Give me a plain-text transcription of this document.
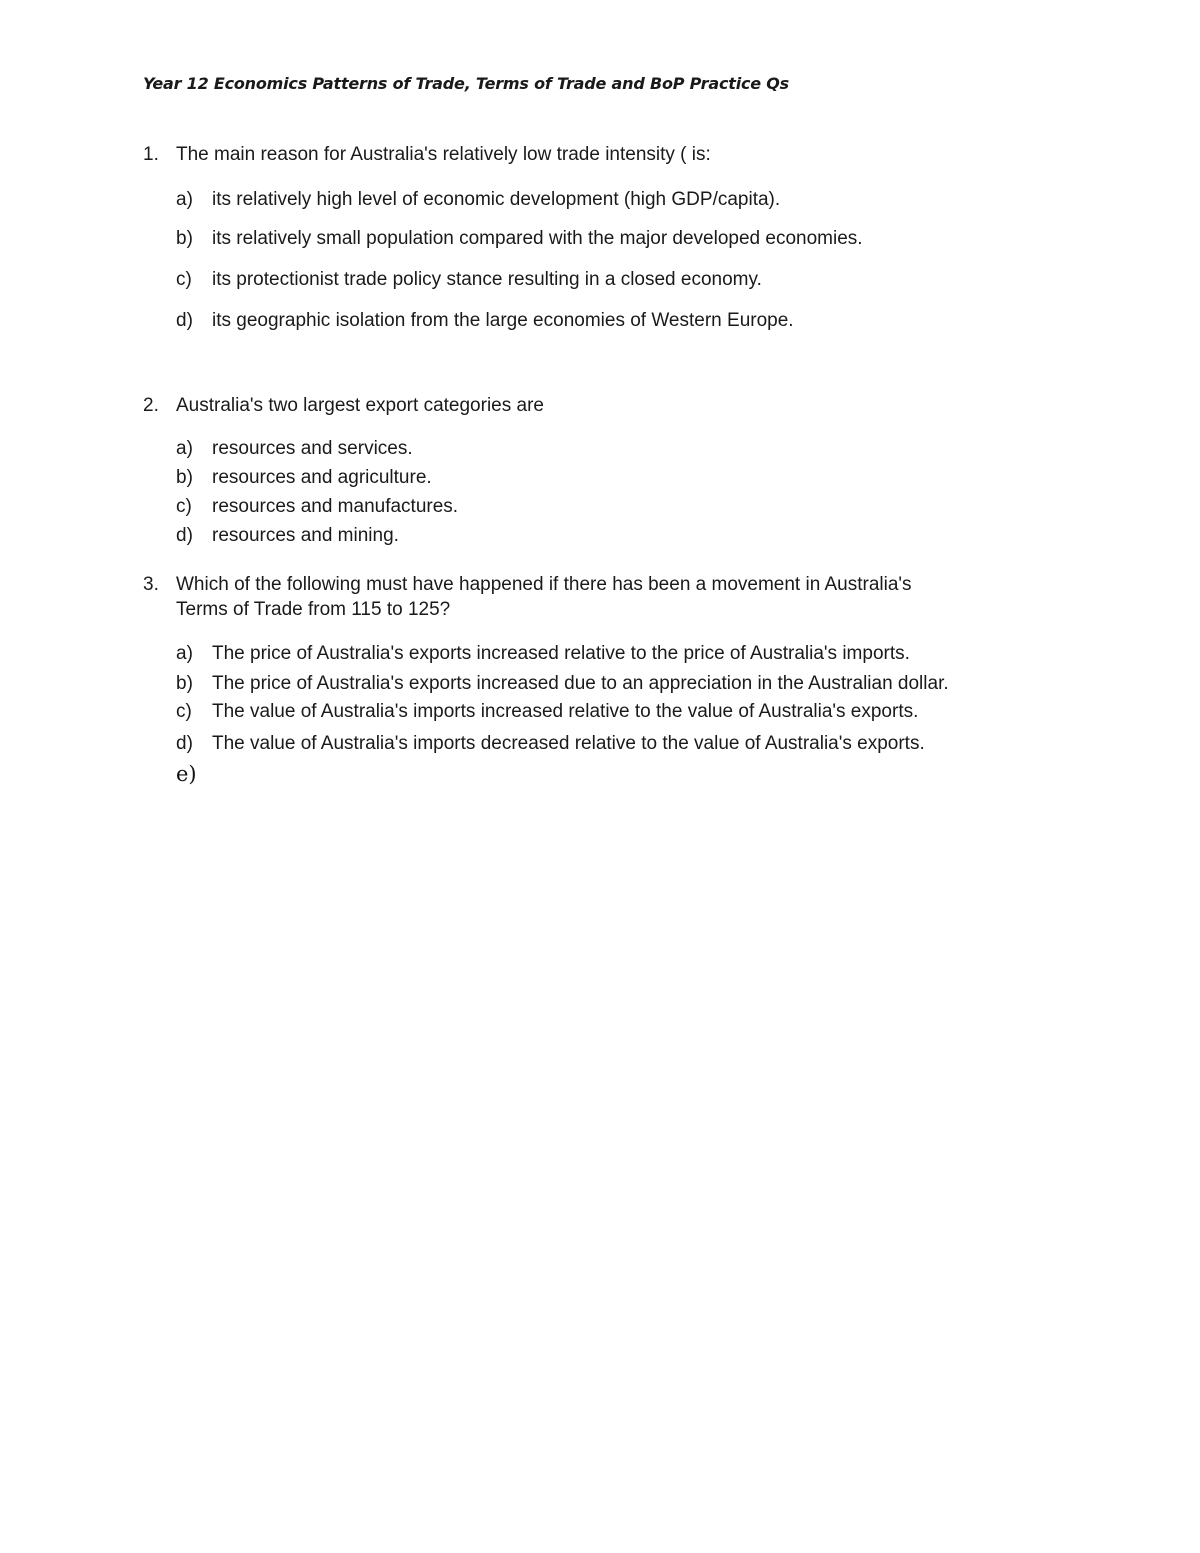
Year 12 Economics Patterns of Trade, Terms of Trade and BoP Practice Qs

1. The main reason for Australia's relatively low trade intensity ( is:

a) its relatively high level of economic development (high GDP/capita).

b) its relatively small population compared with the major developed economies.

c) its protectionist trade policy stance resulting in a closed economy.

d) its geographic isolation from the large economies of Western Europe.

2. Australia's two largest export categories are

a) resources and services.

b) resources and agriculture.

c) resources and manufactures.

d) resources and mining.

3. Which of the following must have happened if there has been a movement in Australia's

Terms of Trade from 115 to 125?

a) The price of Australia's exports increased relative to the price of Australia's imports.

b) The price of Australia's exports increased due to an appreciation in the Australian dollar.

c) The value of Australia's imports increased relative to the value of Australia's exports.

d) The value of Australia's imports decreased relative to the value of Australia's exports.

e)
